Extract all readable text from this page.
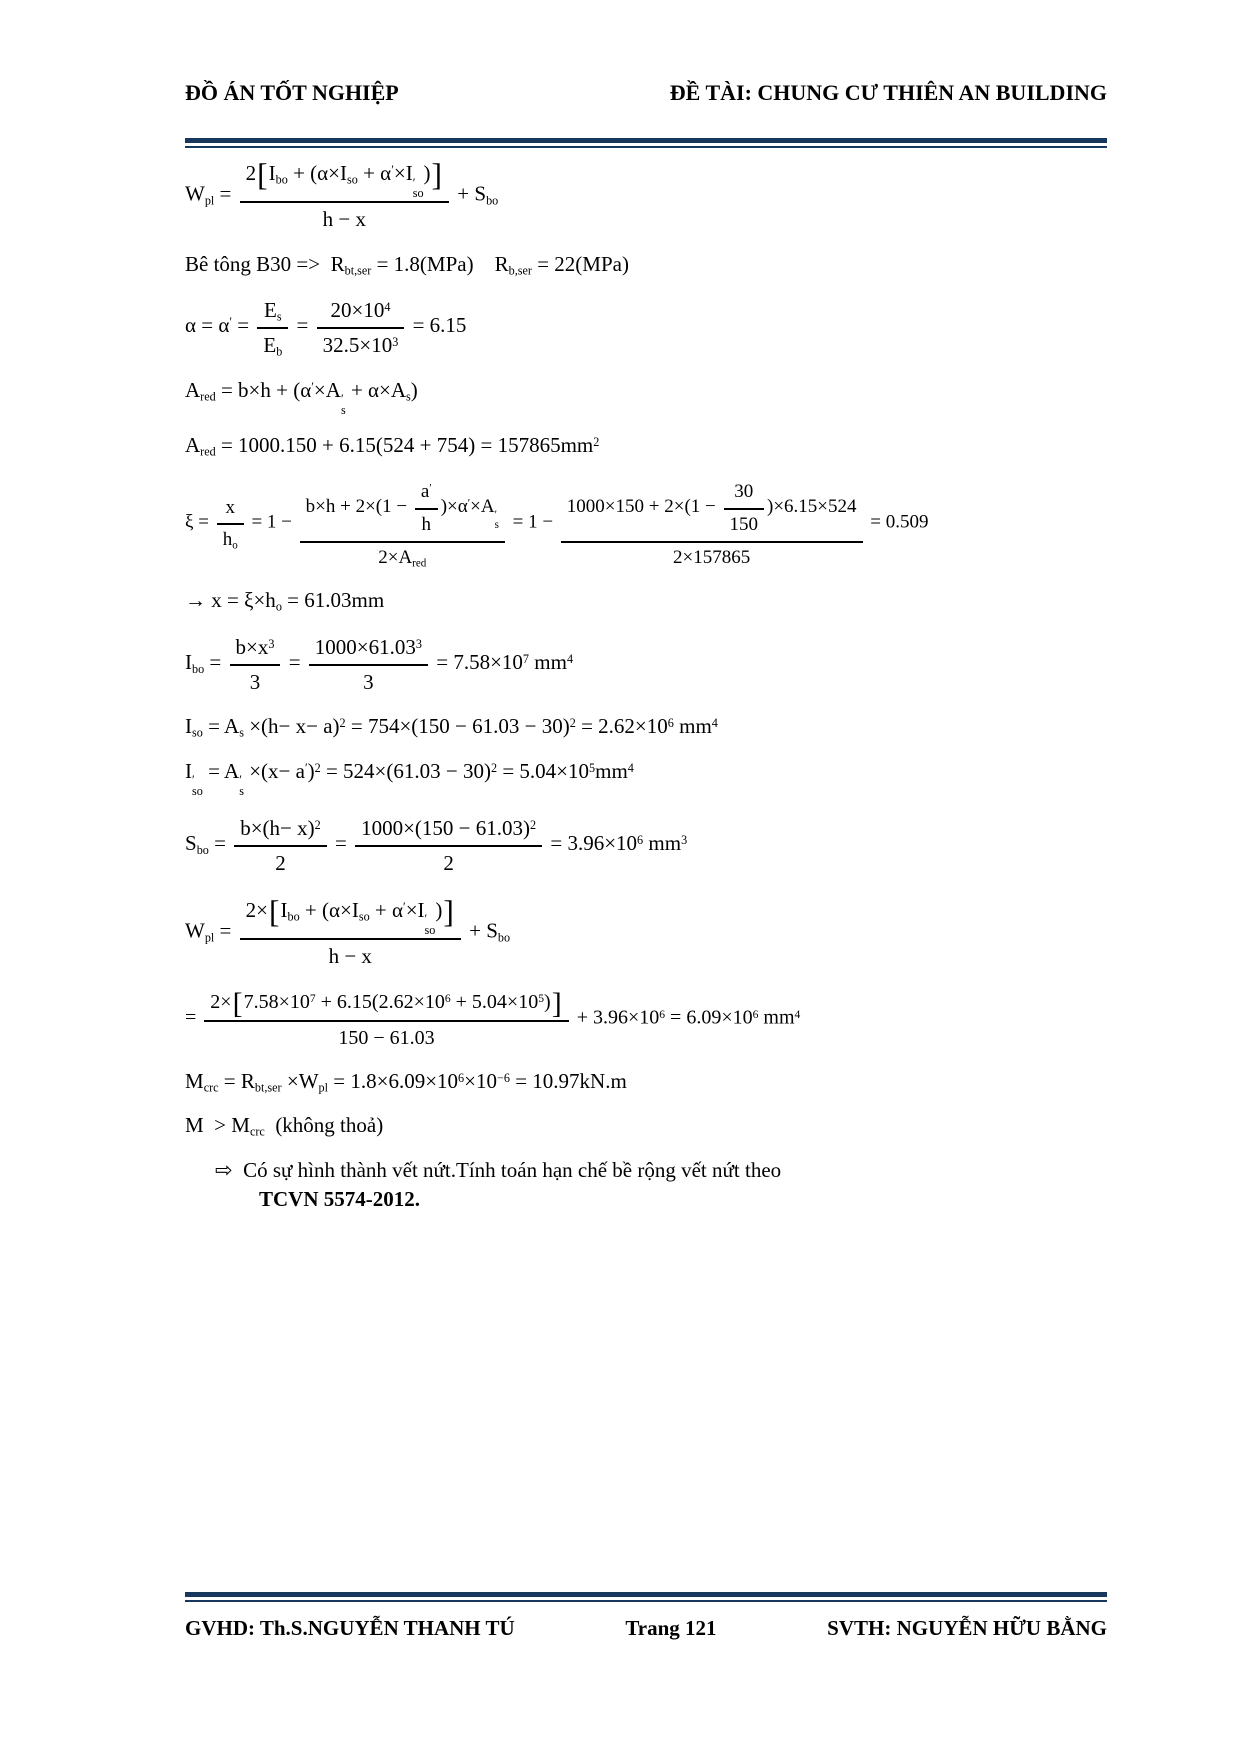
ĐỒ ÁN TỐT NGHIỆP	ĐỀ TÀI: CHUNG CƯ THIÊN AN BUILDING
$W_{pl}$ =
$2[I_{bo} + (\alpha\times I_{so} + \alpha'\times I$ ′
so
)]
h − x
+ $S_{bo}$
Bê tông $B30 => R_{bt,ser} = 1.8(MPa)$    $R_{b,ser} = 22(MPa)$
$\alpha = \alpha' = \frac{E_s}{E_b} = \frac{20\times 10^4}{32.5\times 10^3} = 6.15$
$A_{red} = b\times h + (\alpha'\times A$ ′
s
+ $\alpha\times A_s$)
$A_{red} = 1000.150 + 6.15(524 + 754) = 157865mm^2$
$\xi = \frac{x}{h_o} = 1$ −
$b\times h + 2\times(1 - \frac{a'}{h} )\times\alpha'\times A$ ′
s
$2\times A_{red}$
= $1 - \frac{1000\times 150 + 2\times(1 - \frac{30}{150} )\times 6.15\times 524}{2\times 157865} = 0.509$
→ $x = \xi\times h_o = 61.03mm$
$I_{bo} = \frac{b\times x^3}{3} = \frac{1000\times 61.03^3}{3} = 7.58\times 10^7$ $mm^4$
$I_{so} = A_s \times(h- x- a)^2 = 754\times(150 - 61.03 - 30)^2 = 2.62\times 10^6$ $mm^4$
I ′
so
= A ′
s
$\times(x- a')^2 = 524\times(61.03 - 30)^2 = 5.04\times 10^5mm^4$
$S_{bo} = \frac{b\times(h- x)^2}{2} = \frac{1000\times(150 - 61.03)^2}{2} = 3.96\times 10^6$ $mm^3$
$W_{pl}$ =
$2\times[I_{bo} + (\alpha\times I_{so} + \alpha'\times I$ ′
so
)]
h − x
+ $S_{bo}$
= $\frac{2\times[7.58\times 10^7 + 6.15(2.62\times 10^6 + 5.04\times 10^5)]}{150 - 61.03} + 3.96\times 10^6 = 6.09\times 10^6$ $mm^4$
$M_{crc} = R_{bt,ser} \times W_{pl} = 1.8\times 6.09\times 10^6\times 10^{-6} = 10.97kN.m$
$M > M_{crc}$  (không thoả)
⇨  Có sự hình thành vết nứt.Tính toán hạn chế bề rộng vết nứt theo
TCVN 5574-2012.
GVHD: Th.S.NGUYỄN THANH TÚ	Trang 121	SVTH: NGUYỄN HỮU BẰNG
